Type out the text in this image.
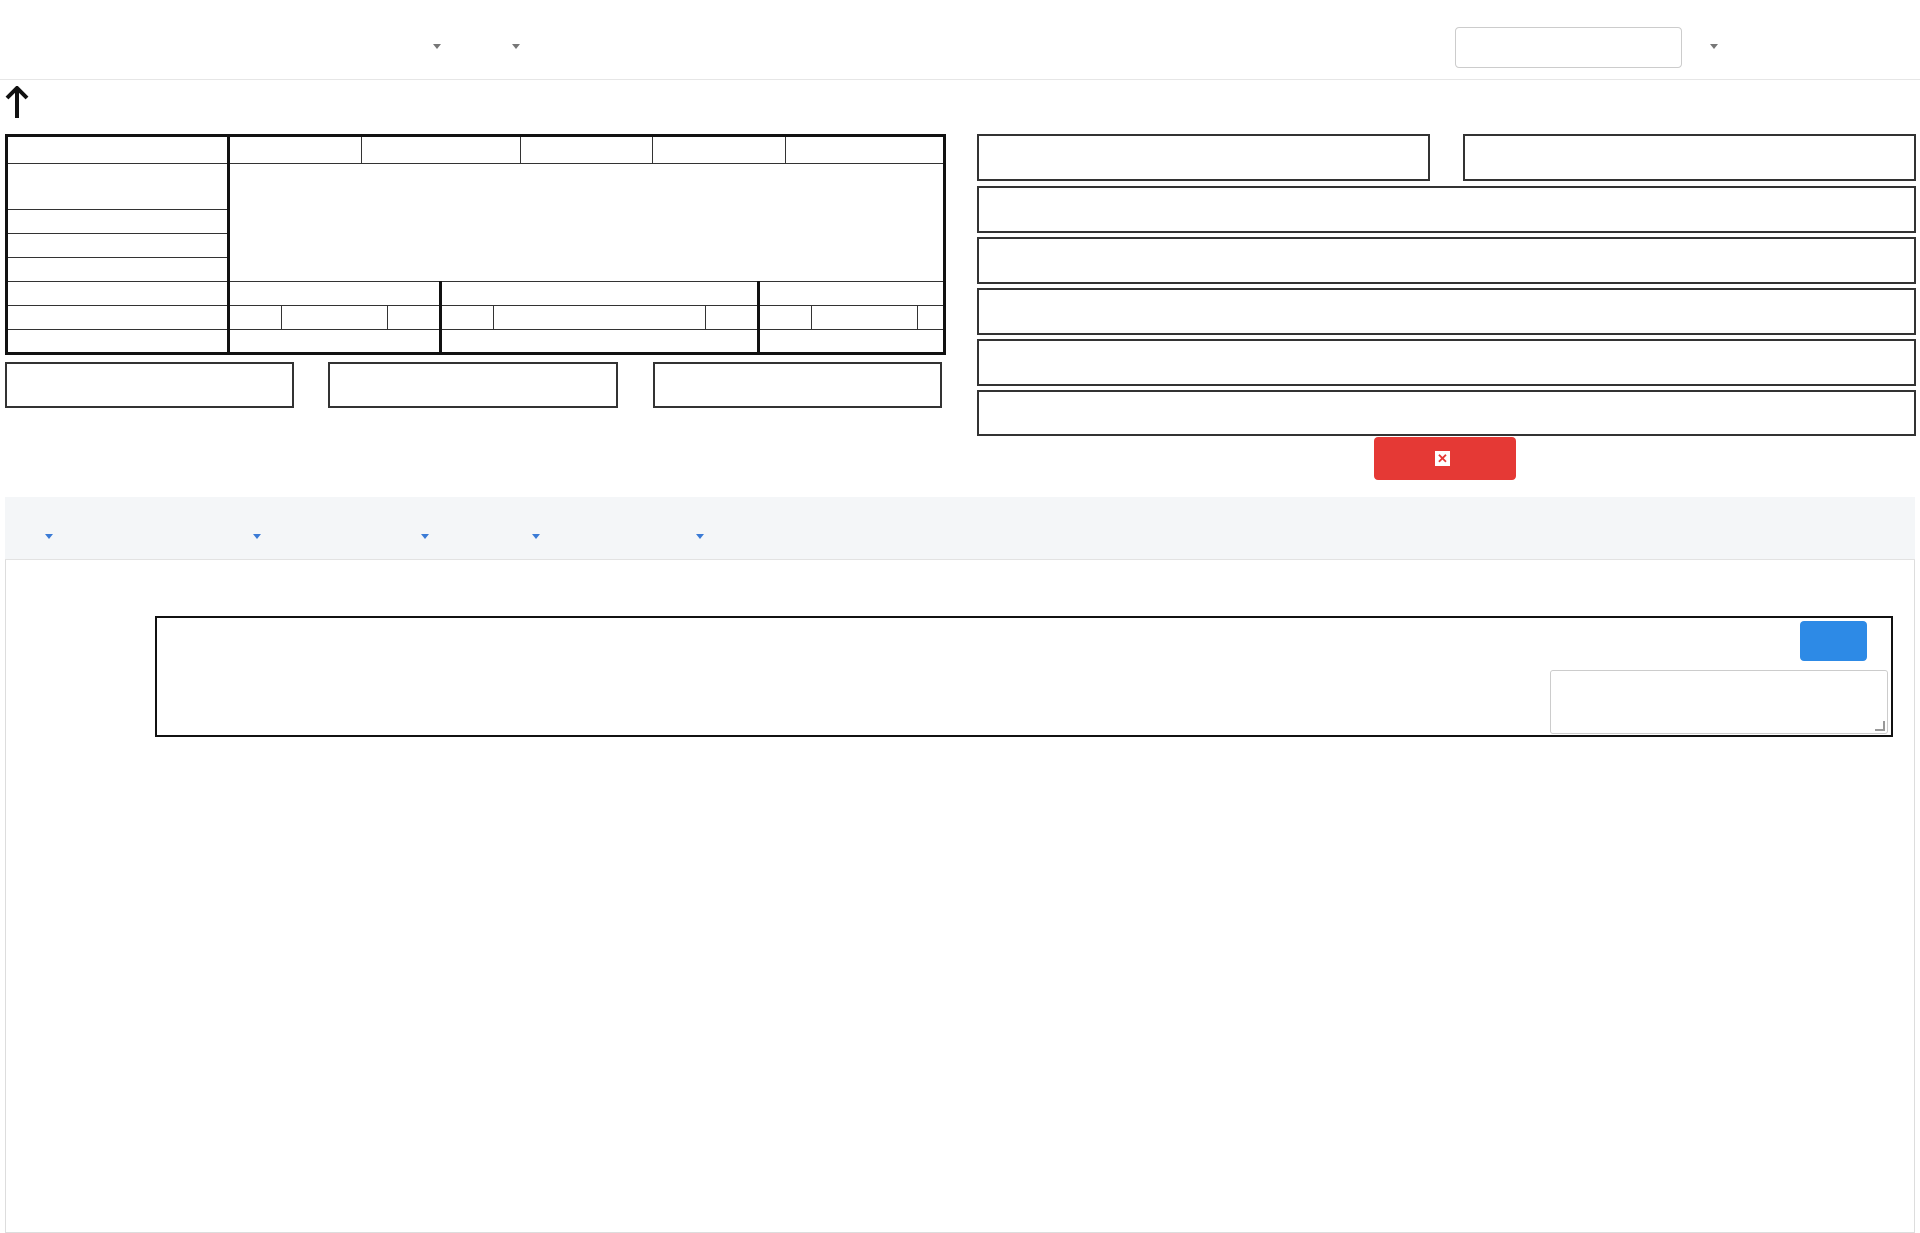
✕
